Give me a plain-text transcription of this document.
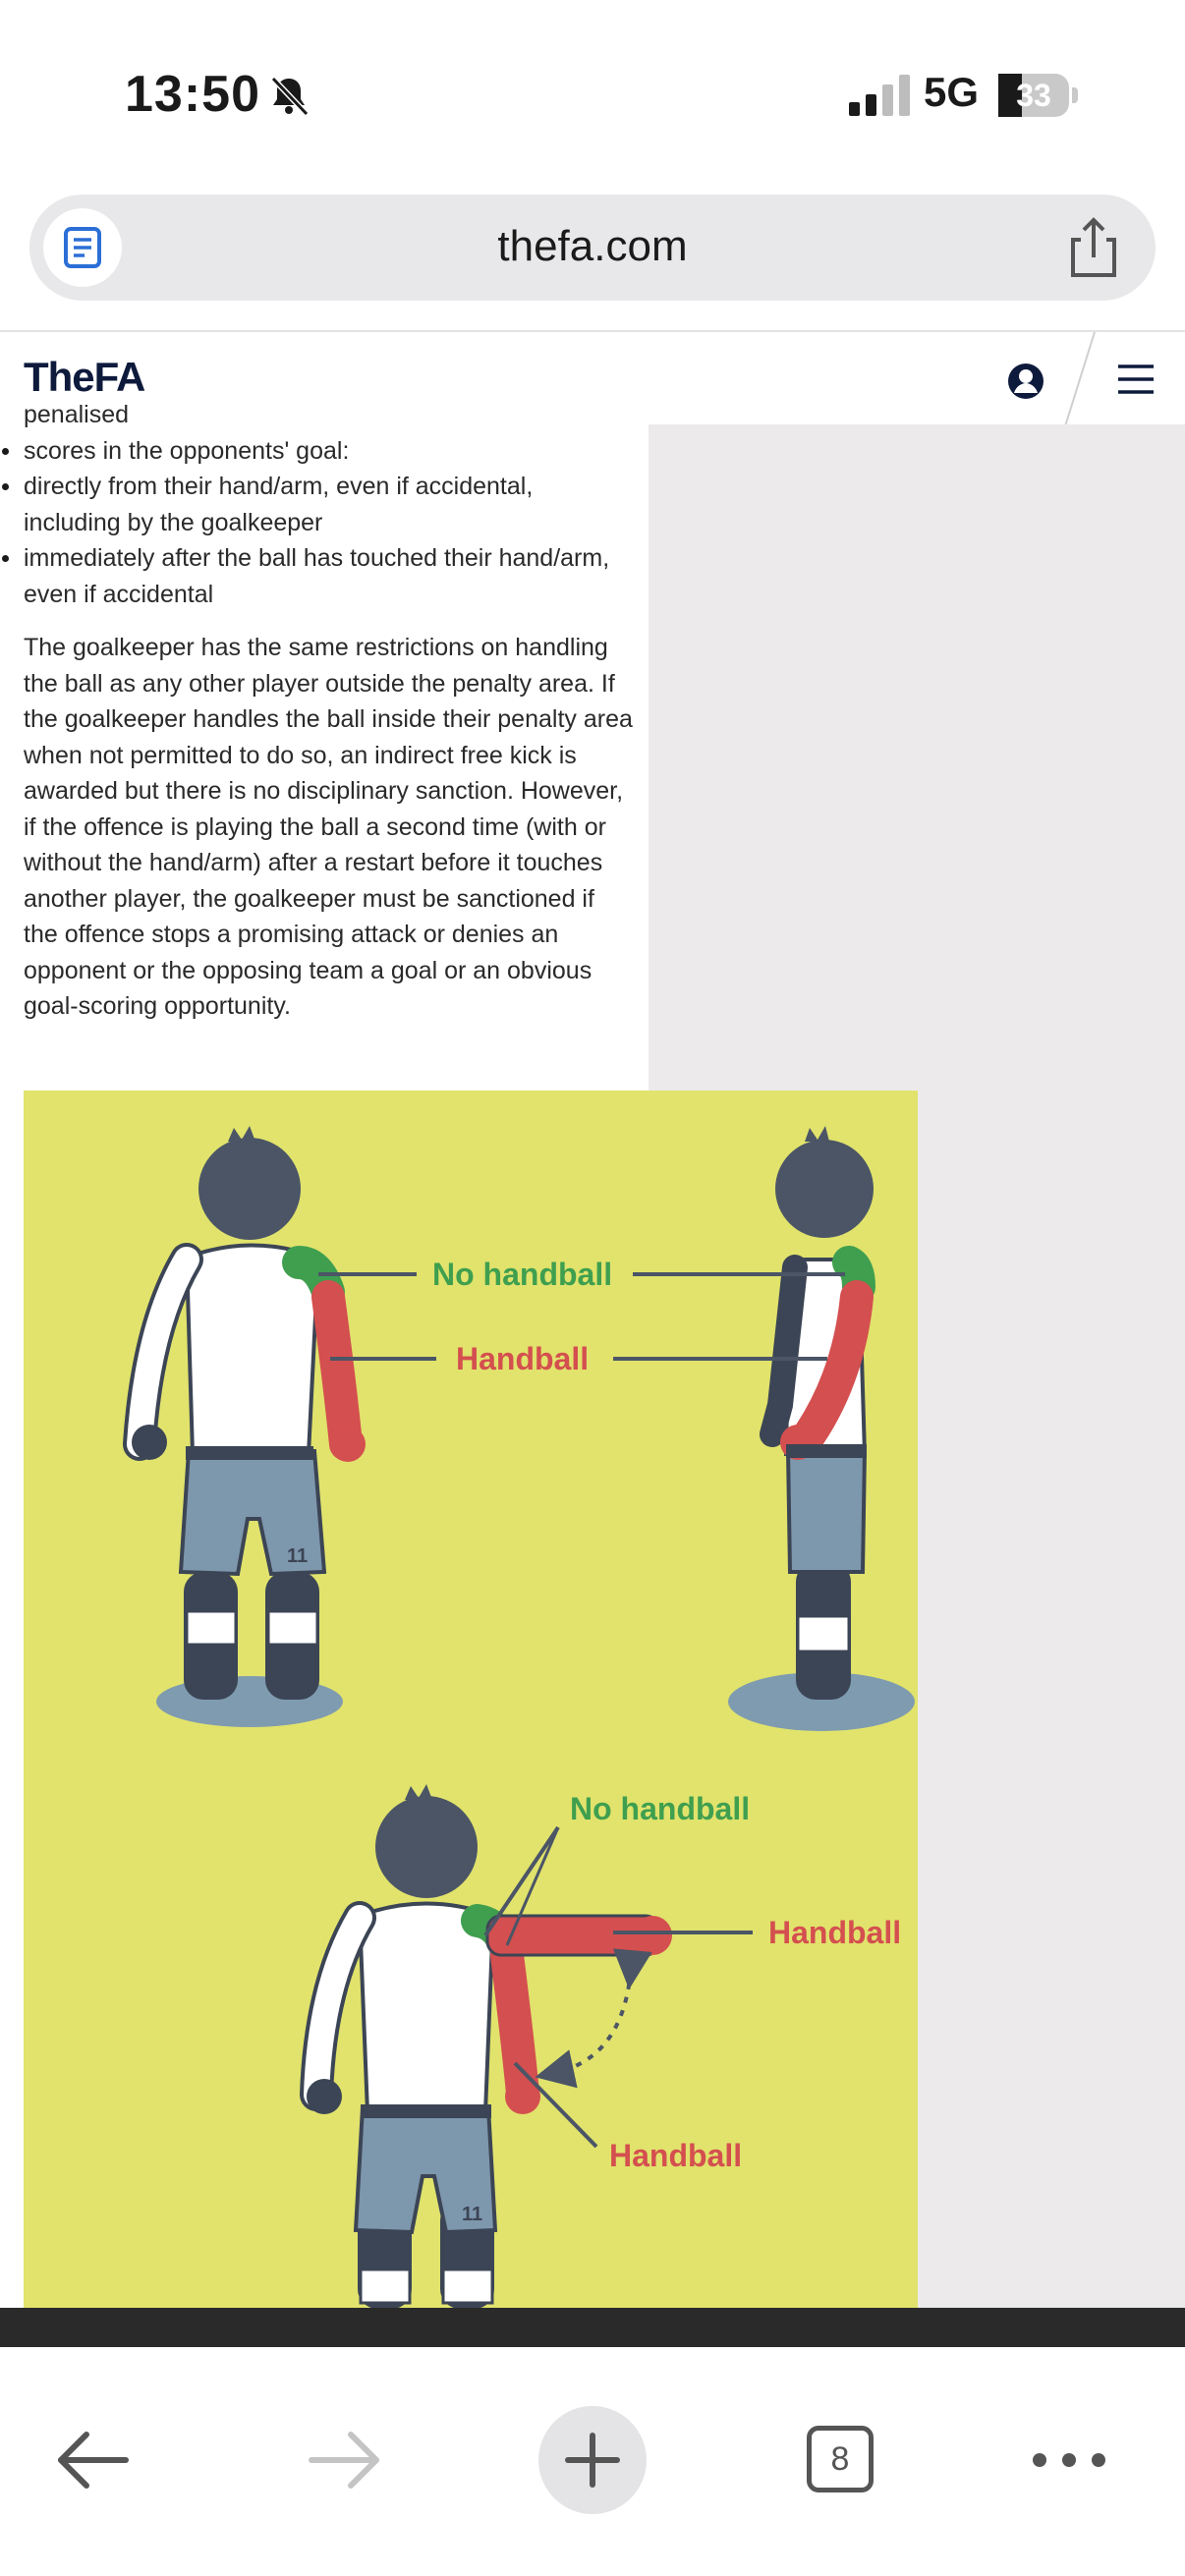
13:50	5G	33
thefa.com
TheFA
penalised
scores in the opponents' goal:
directly from their hand/arm, even if accidental, including by the goalkeeper
immediately after the ball has touched their hand/arm, even if accidental
The goalkeeper has the same restrictions on handling the ball as any other player outside the penalty area. If the goalkeeper handles the ball inside their penalty area when not permitted to do so, an indirect free kick is awarded but there is no disciplinary sanction. However, if the offence is playing the ball a second time (with or without the hand/arm) after a restart before it touches another player, the goalkeeper must be sanctioned if the offence stops a promising attack or denies an opponent or the opposing team a goal or an obvious goal-scoring opportunity.
11
No handball
Handball
11
No handball
Handball
Handball
8
